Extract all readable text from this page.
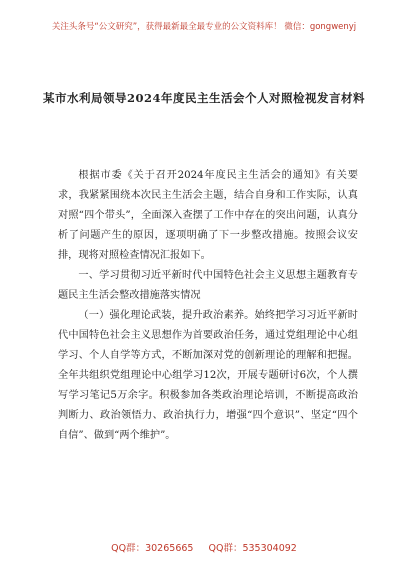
关注头条号“公文研究”，获得最新最全最专业的公文资料库！ 微信：gongwenyj
某市水利局领导2024年度民主生活会个人对照检视发言材料

根据市委《关于召开2024年度民主生活会的通知》有关要求，我紧紧围绕本次民主生活会主题，结合自身和工作实际，认真对照“四个带头”，全面深入查摆了工作中存在的突出问题，认真分析了问题产生的原因，逐项明确了下一步整改措施。按照会议安排，现将对照检查情况汇报如下。

一、学习贯彻习近平新时代中国特色社会主义思想主题教育专题民主生活会整改措施落实情况

（一）强化理论武装，提升政治素养。始终把学习习近平新时代中国特色社会主义思想作为首要政治任务，通过党组理论中心组学习、个人自学等方式，不断加深对党的创新理论的理解和把握。全年共组织党组理论中心组学习12次，开展专题研讨6次，个人撰写学习笔记5万余字。积极参加各类政治理论培训，不断提高政治判断力、政治领悟力、政治执行力，增强“四个意识”、坚定“四个自信”、做到“两个维护”。

QQ群：30265665 QQ群：535304092
